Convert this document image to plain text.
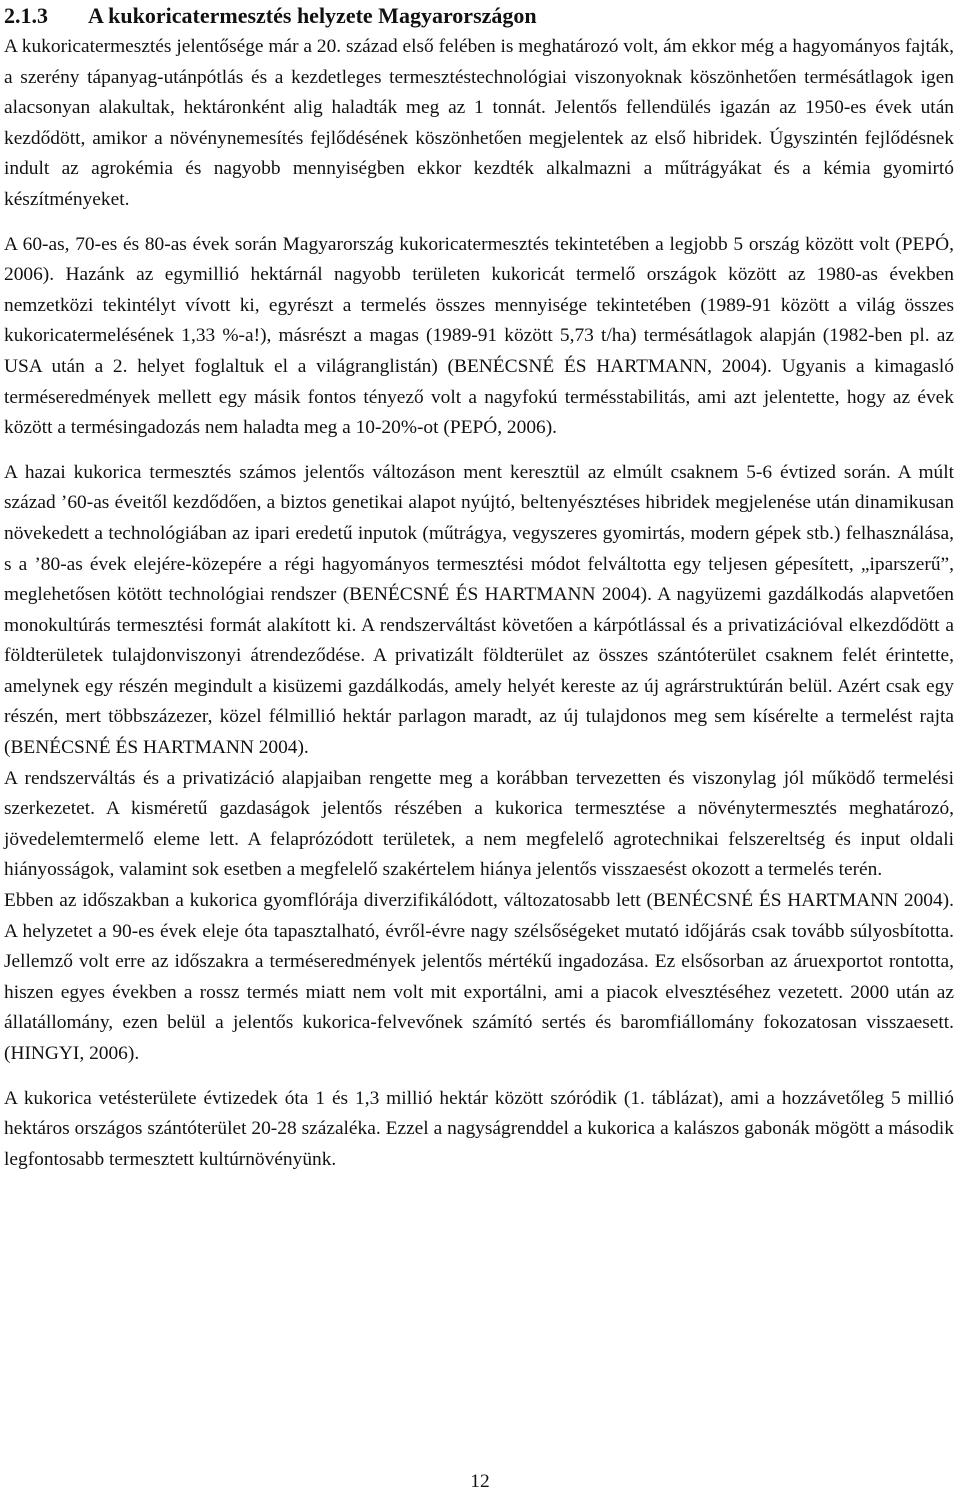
2.1.3 A kukoricatermesztés helyzete Magyarországon

A kukoricatermesztés jelentősége már a 20. század első felében is meghatározó volt, ám ekkor még a hagyományos fajták, a szerény tápanyag-utánpótlás és a kezdetleges termesztéstechnológiai viszonyoknak köszönhetően termésátlagok igen alacsonyan alakultak, hektáronként alig haladták meg az 1 tonnát. Jelentős fellendülés igazán az 1950-es évek után kezdődött, amikor a növénynemesítés fejlődésének köszönhetően megjelentek az első hibridek. Úgyszintén fejlődésnek indult az agrokémia és nagyobb mennyiségben ekkor kezdték alkalmazni a műtrágyákat és a kémia gyomirtó készítményeket.

A 60-as, 70-es és 80-as évek során Magyarország kukoricatermesztés tekintetében a legjobb 5 ország között volt (PEPÓ, 2006). Hazánk az egymillió hektárnál nagyobb területen kukoricát termelő országok között az 1980-as években nemzetközi tekintélyt vívott ki, egyrészt a termelés összes mennyisége tekintetében (1989-91 között a világ összes kukoricatermelésének 1,33 %-a!), másrészt a magas (1989-91 között 5,73 t/ha) termésátlagok alapján (1982-ben pl. az USA után a 2. helyet foglaltuk el a világranglistán) (BENÉCSNÉ ÉS HARTMANN, 2004). Ugyanis a kimagasló terméseredmények mellett egy másik fontos tényező volt a nagyfokú termésstabilitás, ami azt jelentette, hogy az évek között a termésingadozás nem haladta meg a 10-20%-ot (PEPÓ, 2006).

A hazai kukorica termesztés számos jelentős változáson ment keresztül az elmúlt csaknem 5-6 évtized során. A múlt század ’60-as éveitől kezdődően, a biztos genetikai alapot nyújtó, beltenyésztéses hibridek megjelenése után dinamikusan növekedett a technológiában az ipari eredetű inputok (műtrágya, vegyszeres gyomirtás, modern gépek stb.) felhasználása, s a ’80-as évek elejére-közepére a régi hagyományos termesztési módot felváltotta egy teljesen gépesített, „iparszerű”, meglehetősen kötött technológiai rendszer (BENÉCSNÉ ÉS HARTMANN 2004). A nagyüzemi gazdálkodás alapvetően monokultúrás termesztési formát alakított ki. A rendszerváltást követően a kárpótlással és a privatizációval elkezdődött a földterületek tulajdonviszonyi átrendeződése. A privatizált földterület az összes szántóterület csaknem felét érintette, amelynek egy részén megindult a kisüzemi gazdálkodás, amely helyét kereste az új agrárstruktúrán belül. Azért csak egy részén, mert többszázezer, közel félmillió hektár parlagon maradt, az új tulajdonos meg sem kísérelte a termelést rajta (BENÉCSNÉ ÉS HARTMANN 2004).

A rendszerváltás és a privatizáció alapjaiban rengette meg a korábban tervezetten és viszonylag jól működő termelési szerkezetet. A kisméretű gazdaságok jelentős részében a kukorica termesztése a növénytermesztés meghatározó, jövedelemtermelő eleme lett. A felaprózódott területek, a nem megfelelő agrotechnikai felszereltség és input oldali hiányosságok, valamint sok esetben a megfelelő szakértelem hiánya jelentős visszaesést okozott a termelés terén.

Ebben az időszakban a kukorica gyomflórája diverzifikálódott, változatosabb lett (BENÉCSNÉ ÉS HARTMANN 2004). A helyzetet a 90-es évek eleje óta tapasztalható, évről-évre nagy szélsőségeket mutató időjárás csak tovább súlyosbította. Jellemző volt erre az időszakra a terméseredmények jelentős mértékű ingadozása. Ez elsősorban az áruexportot rontotta, hiszen egyes években a rossz termés miatt nem volt mit exportálni, ami a piacok elvesztéséhez vezetett. 2000 után az állatállomány, ezen belül a jelentős kukorica-felvevőnek számító sertés és baromfiállomány fokozatosan visszaesett. (HINGYI, 2006).

A kukorica vetésterülete évtizedek óta 1 és 1,3 millió hektár között szóródik (1. táblázat), ami a hozzávetőleg 5 millió hektáros országos szántóterület 20-28 százaléka. Ezzel a nagyságrenddel a kukorica a kalászos gabonák mögött a második legfontosabb termesztett kultúrnövényünk.

12
